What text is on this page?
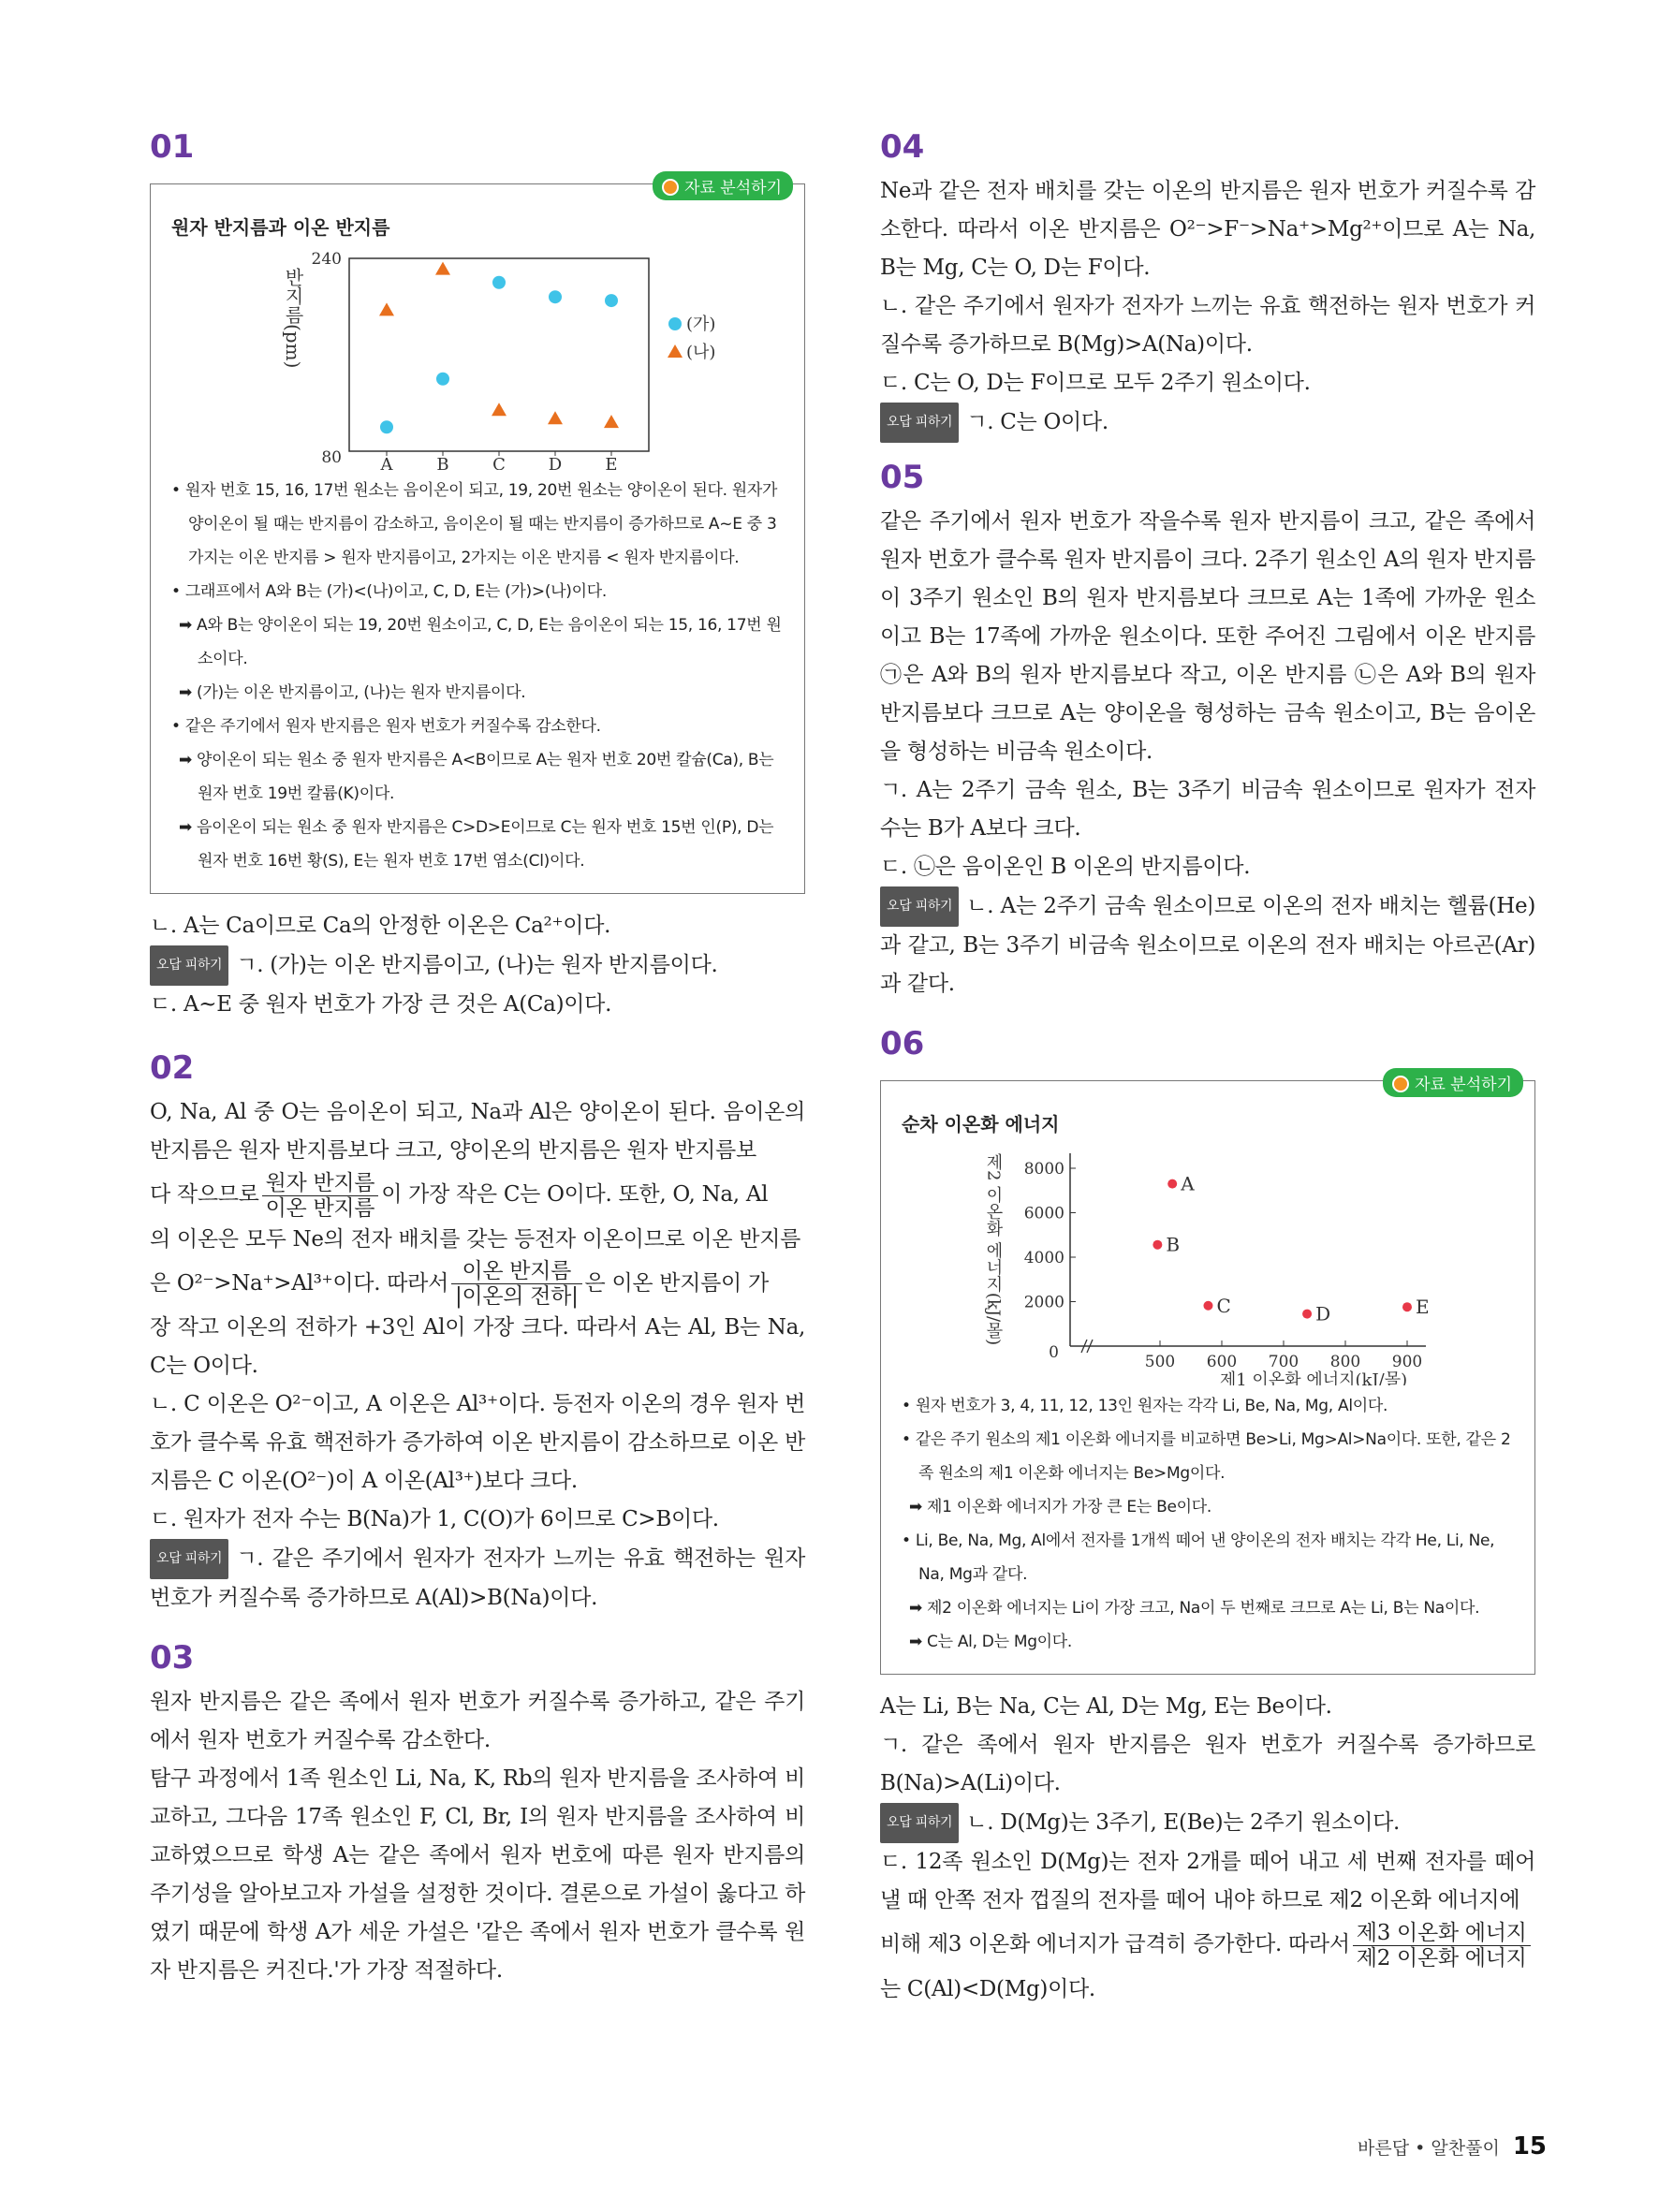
01
자료 분석하기
원자 반지름과 이온 반지름
반지름(pm)
240
80 A	B	C	D	E
(가)
(나)
• 원자 번호 15, 16, 17번 원소는 음이온이 되고, 19, 20번 원소는 양이온이 된다. 원자가 양이온이 될 때는 반지름이 감소하고, 음이온이 될 때는 반지름이 증가하므로 A~E 중 3가지는 이온 반지름 > 원자 반지름이고, 2가지는 이온 반지름 < 원자 반지름이다.
• 그래프에서 A와 B는 (가)<(나)이고, C, D, E는 (가)>(나)이다.
➡ A와 B는 양이온이 되는 19, 20번 원소이고, C, D, E는 음이온이 되는 15, 16, 17번 원소이다.
➡ (가)는 이온 반지름이고, (나)는 원자 반지름이다.
• 같은 주기에서 원자 반지름은 원자 번호가 커질수록 감소한다.
➡ 양이온이 되는 원소 중 원자 반지름은 A<B이므로 A는 원자 번호 20번 칼슘(Ca), B는 원자 번호 19번 칼륨(K)이다.
➡ 음이온이 되는 원소 중 원자 반지름은 C>D>E이므로 C는 원자 번호 15번 인(P), D는 원자 번호 16번 황(S), E는 원자 번호 17번 염소(Cl)이다.

ㄴ. A는 Ca이므로 Ca의 안정한 이온은 Ca²⁺이다.

오답 피하기 ㄱ. (가)는 이온 반지름이고, (나)는 원자 반지름이다.

ㄷ. A~E 중 원자 번호가 가장 큰 것은 A(Ca)이다.

02

O, Na, Al 중 O는 음이온이 되고, Na과 Al은 양이온이 된다. 음이온의 반지름은 원자 반지름보다 크고, 양이온의 반지름은 원자 반지름보

다 작으므로 $\frac{\text{원자 반지름}}{\text{이온 반지름}}$ 이 가장 작은 C는 O이다. 또한, O, Na, Al

의 이온은 모두 Ne의 전자 배치를 갖는 등전자 이온이므로 이온 반지름

은 O²⁻>Na⁺>Al³⁺이다. 따라서 $\frac{\text{이온 반지름}}{\text{|이온의 전하|}}$ 은 이온 반지름이 가

장 작고 이온의 전하가 +3인 Al이 가장 크다. 따라서 A는 Al, B는 Na, C는 O이다.

ㄴ. C 이온은 O²⁻이고, A 이온은 Al³⁺이다. 등전자 이온의 경우 원자 번호가 클수록 유효 핵전하가 증가하여 이온 반지름이 감소하므로 이온 반지름은 C 이온(O²⁻)이 A 이온(Al³⁺)보다 크다.

ㄷ. 원자가 전자 수는 B(Na)가 1, C(O)가 6이므로 C>B이다.

오답 피하기 ㄱ. 같은 주기에서 원자가 전자가 느끼는 유효 핵전하는 원자 번호가 커질수록 증가하므로 A(Al)>B(Na)이다.

03

원자 반지름은 같은 족에서 원자 번호가 커질수록 증가하고, 같은 주기에서 원자 번호가 커질수록 감소한다.

탐구 과정에서 1족 원소인 Li, Na, K, Rb의 원자 반지름을 조사하여 비교하고, 그다음 17족 원소인 F, Cl, Br, I의 원자 반지름을 조사하여 비교하였으므로 학생 A는 같은 족에서 원자 번호에 따른 원자 반지름의 주기성을 알아보고자 가설을 설정한 것이다. 결론으로 가설이 옳다고 하였기 때문에 학생 A가 세운 가설은 '같은 족에서 원자 번호가 클수록 원자 반지름은 커진다.'가 가장 적절하다.

04

Ne과 같은 전자 배치를 갖는 이온의 반지름은 원자 번호가 커질수록 감소한다. 따라서 이온 반지름은 O²⁻>F⁻>Na⁺>Mg²⁺이므로 A는 Na, B는 Mg, C는 O, D는 F이다.

ㄴ. 같은 주기에서 원자가 전자가 느끼는 유효 핵전하는 원자 번호가 커질수록 증가하므로 B(Mg)>A(Na)이다.

ㄷ. C는 O, D는 F이므로 모두 2주기 원소이다.

오답 피하기 ㄱ. C는 O이다.

05

같은 주기에서 원자 번호가 작을수록 원자 반지름이 크고, 같은 족에서 원자 번호가 클수록 원자 반지름이 크다. 2주기 원소인 A의 원자 반지름이 3주기 원소인 B의 원자 반지름보다 크므로 A는 1족에 가까운 원소이고 B는 17족에 가까운 원소이다. 또한 주어진 그림에서 이온 반지름 ㉠은 A와 B의 원자 반지름보다 작고, 이온 반지름 ㉡은 A와 B의 원자 반지름보다 크므로 A는 양이온을 형성하는 금속 원소이고, B는 음이온을 형성하는 비금속 원소이다.

ㄱ. A는 2주기 금속 원소, B는 3주기 비금속 원소이므로 원자가 전자 수는 B가 A보다 크다.

ㄷ. ㉡은 음이온인 B 이온의 반지름이다.

오답 피하기 ㄴ. A는 2주기 금속 원소이므로 이온의 전자 배치는 헬륨(He)과 같고, B는 3주기 비금속 원소이므로 이온의 전자 배치는 아르곤(Ar)과 같다.

06
자료 분석하기
순차 이온화 에너지
0
2000
4000
6000
8000
500 600 700 800 900
제1 이온화 에너지(kJ/몰)
제2 이온화 에너지(kJ/몰)	A
B
C	D	E
• 원자 번호가 3, 4, 11, 12, 13인 원자는 각각 Li, Be, Na, Mg, Al이다.
• 같은 주기 원소의 제1 이온화 에너지를 비교하면 Be>Li, Mg>Al>Na이다. 또한, 같은 2족 원소의 제1 이온화 에너지는 Be>Mg이다.
➡ 제1 이온화 에너지가 가장 큰 E는 Be이다.
• Li, Be, Na, Mg, Al에서 전자를 1개씩 떼어 낸 양이온의 전자 배치는 각각 He, Li, Ne, Na, Mg과 같다.
➡ 제2 이온화 에너지는 Li이 가장 크고, Na이 두 번째로 크므로 A는 Li, B는 Na이다.
➡ C는 Al, D는 Mg이다.

A는 Li, B는 Na, C는 Al, D는 Mg, E는 Be이다.

ㄱ. 같은 족에서 원자 반지름은 원자 번호가 커질수록 증가하므로 B(Na)>A(Li)이다.

오답 피하기 ㄴ. D(Mg)는 3주기, E(Be)는 2주기 원소이다.

ㄷ. 12족 원소인 D(Mg)는 전자 2개를 떼어 내고 세 번째 전자를 떼어 낼 때 안쪽 전자 껍질의 전자를 떼어 내야 하므로 제2 이온화 에너지에

비해 제3 이온화 에너지가 급격히 증가한다. 따라서 $\frac{\text{제3 이온화 에너지}}{\text{제2 이온화 에너지}}$

는 C(Al)<D(Mg)이다.

바른답 • 알찬풀이 15
